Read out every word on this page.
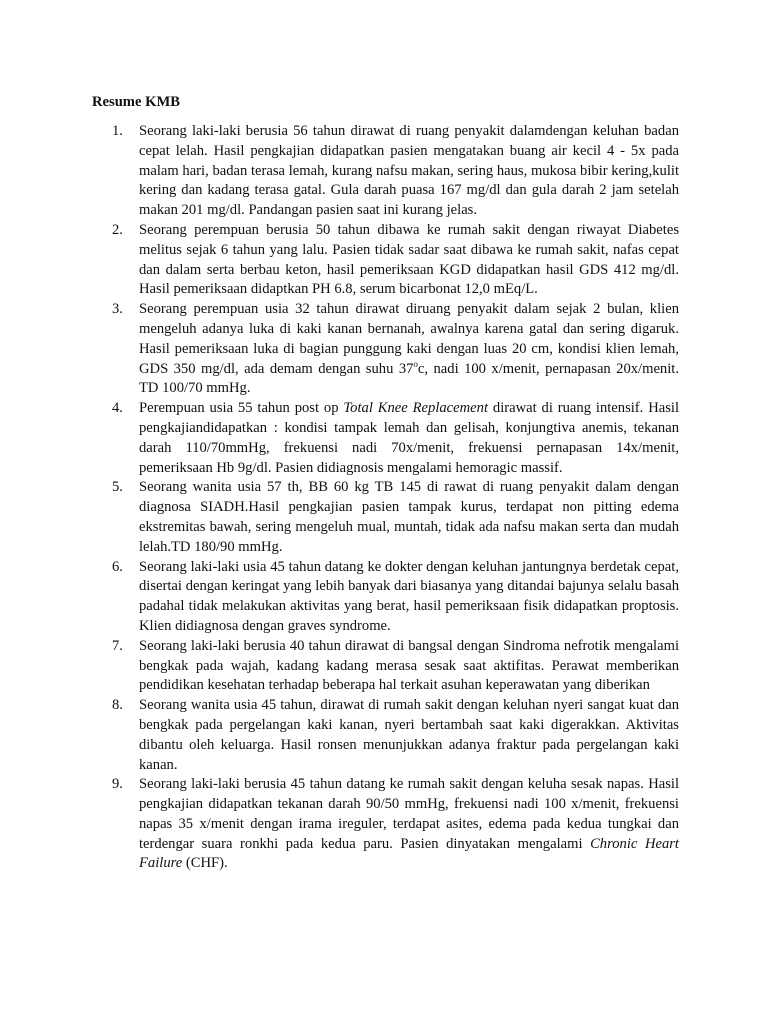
Resume KMB
1. Seorang laki-laki berusia 56 tahun dirawat di ruang penyakit dalamdengan keluhan badan cepat lelah. Hasil pengkajian didapatkan pasien mengatakan buang air kecil 4 - 5x pada malam hari, badan terasa lemah, kurang nafsu makan, sering haus, mukosa bibir kering,kulit kering dan kadang terasa gatal. Gula darah puasa 167 mg/dl dan gula darah 2 jam setelah makan 201 mg/dl. Pandangan pasien saat ini kurang jelas.
2. Seorang perempuan berusia 50 tahun dibawa ke rumah sakit dengan riwayat Diabetes melitus sejak 6 tahun yang lalu. Pasien tidak sadar saat dibawa ke rumah sakit, nafas cepat dan dalam serta berbau keton, hasil pemeriksaan KGD didapatkan hasil GDS 412 mg/dl. Hasil pemeriksaan didaptkan PH 6.8, serum bicarbonat 12,0 mEq/L.
3. Seorang perempuan usia 32 tahun dirawat diruang penyakit dalam sejak 2 bulan, klien mengeluh adanya luka di kaki kanan bernanah, awalnya karena gatal dan sering digaruk. Hasil pemeriksaan luka di bagian punggung kaki dengan luas 20 cm, kondisi klien lemah, GDS 350 mg/dl, ada demam dengan suhu 37$^o$c, nadi 100 x/menit, pernapasan 20x/menit. TD 100/70 mmHg.
4. Perempuan usia 55 tahun post op Total Knee Replacement dirawat di ruang intensif. Hasil pengkajiandidapatkan : kondisi tampak lemah dan gelisah, konjungtiva anemis, tekanan darah 110/70mmHg, frekuensi nadi 70x/menit, frekuensi pernapasan 14x/menit, pemeriksaan Hb 9g/dl. Pasien didiagnosis mengalami hemoragic massif.
5. Seorang wanita usia 57 th, BB 60 kg TB 145 di rawat di ruang penyakit dalam dengan diagnosa SIADH.Hasil pengkajian pasien tampak kurus, terdapat non pitting edema ekstremitas bawah, sering mengeluh mual, muntah, tidak ada nafsu makan serta dan mudah lelah.TD 180/90 mmHg.
6. Seorang laki-laki usia 45 tahun datang ke dokter dengan keluhan jantungnya berdetak cepat, disertai dengan keringat yang lebih banyak dari biasanya yang ditandai bajunya selalu basah padahal tidak melakukan aktivitas yang berat, hasil pemeriksaan fisik didapatkan proptosis. Klien didiagnosa dengan graves syndrome.
7. Seorang laki-laki berusia 40 tahun dirawat di bangsal dengan Sindroma nefrotik mengalami bengkak pada wajah, kadang kadang merasa sesak saat aktifitas. Perawat memberikan pendidikan kesehatan terhadap beberapa hal terkait asuhan keperawatan yang diberikan
8. Seorang wanita usia 45 tahun, dirawat di rumah sakit dengan keluhan nyeri sangat kuat dan bengkak pada pergelangan kaki kanan, nyeri bertambah saat kaki digerakkan. Aktivitas dibantu oleh keluarga. Hasil ronsen menunjukkan adanya fraktur pada pergelangan kaki kanan.
9. Seorang laki-laki berusia 45 tahun datang ke rumah sakit dengan keluha sesak napas. Hasil pengkajian didapatkan tekanan darah 90/50 mmHg, frekuensi nadi 100 x/menit, frekuensi napas 35 x/menit dengan irama ireguler, terdapat asites, edema pada kedua tungkai dan terdengar suara ronkhi pada kedua paru. Pasien dinyatakan mengalami Chronic Heart Failure (CHF).
